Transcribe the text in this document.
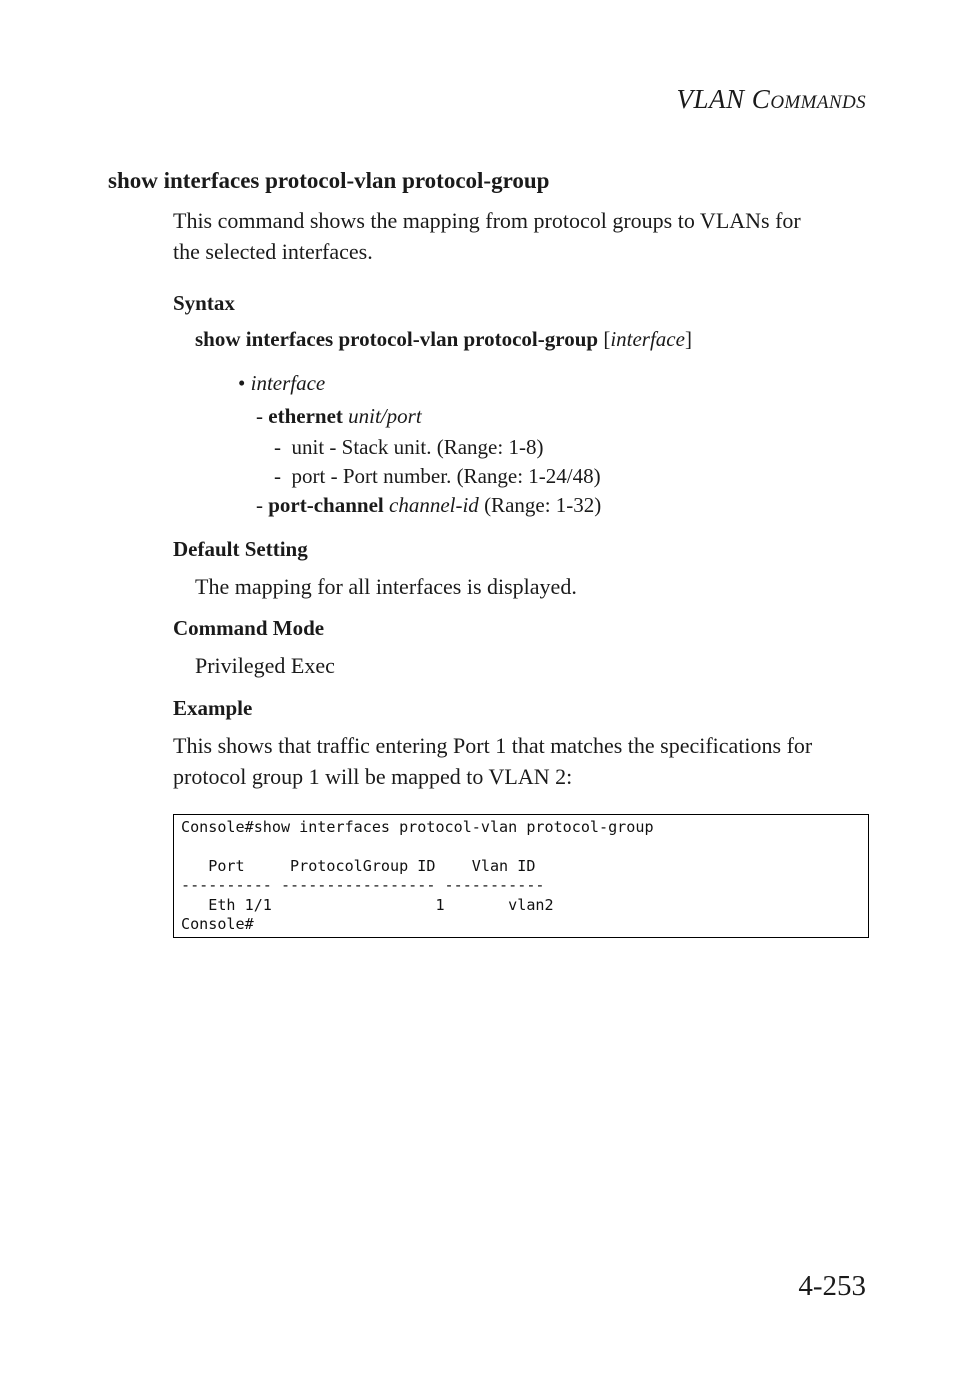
VLAN COMMANDS
show interfaces protocol-vlan protocol-group
This command shows the mapping from protocol groups to VLANs for
the selected interfaces.
Syntax
show interfaces protocol-vlan protocol-group [interface]
• interface
- ethernet unit/port
- unit - Stack unit. (Range: 1-8)
- port - Port number. (Range: 1-24/48)
- port-channel channel-id (Range: 1-32)
Default Setting
The mapping for all interfaces is displayed.
Command Mode
Privileged Exec
Example
This shows that traffic entering Port 1 that matches the specifications for
protocol group 1 will be mapped to VLAN 2:
Console#show interfaces protocol-vlan protocol-group

Port     ProtocolGroup ID    Vlan ID
---------- ----------------- -----------
Eth 1/1                  1       vlan2
Console#
4-253
